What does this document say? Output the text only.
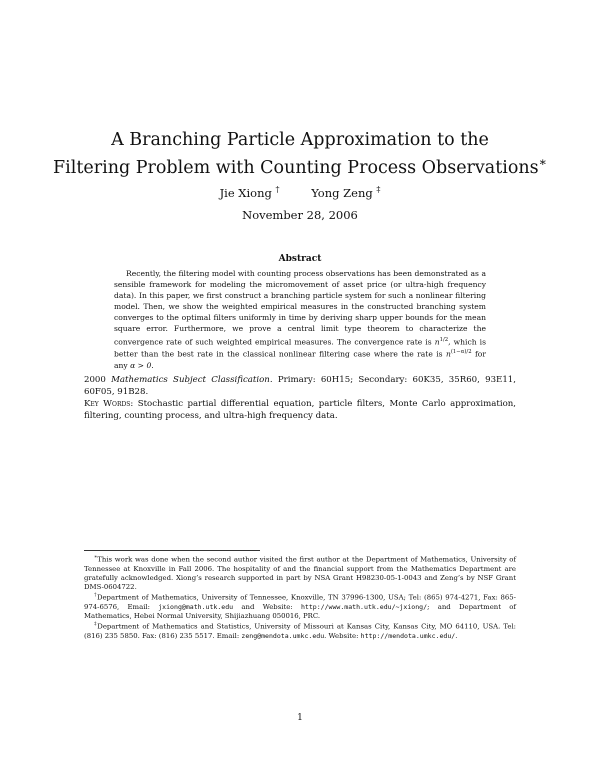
A Branching Particle Approximation to the
Filtering Problem with Counting Process Observations∗
Jie Xiong †	Yong Zeng ‡
November 28, 2006
Abstract

Recently, the filtering model with counting process observations has been demonstrated as a sensible framework for modeling the micromovement of asset price (or ultra-high frequency data). In this paper, we first construct a branching particle system for such a nonlinear filtering model. Then, we show the weighted empirical measures in the constructed branching system converges to the optimal filters uniformly in time by deriving sharp upper bounds for the mean square error. Furthermore, we prove a central limit type theorem to characterize the convergence rate of such weighted empirical measures. The convergence rate is $n^{1/2}$, which is better than the best rate in the classical nonlinear filtering case where the rate is $n^{(1-\alpha)/2}$ for any α > 0.

2000 Mathematics Subject Classification. Primary: 60H15; Secondary: 60K35, 35R60, 93E11, 60F05, 91B28.

Key Words: Stochastic partial differential equation, particle filters, Monte Carlo approximation, filtering, counting process, and ultra-high frequency data.

∗This work was done when the second author visited the first author at the Department of Mathematics, University of Tennessee at Knoxville in Fall 2006. The hospitality of and the financial support from the Mathematics Department are gratefully acknowledged. Xiong’s research supported in part by NSA Grant H98230-05-1-0043 and Zeng’s by NSF Grant DMS-0604722.

†Department of Mathematics, University of Tennessee, Knoxville, TN 37996-1300, USA; Tel: (865) 974-4271, Fax: 865-974-6576, Email: jxiong@math.utk.edu and Website: http://www.math.utk.edu/~jxiong/; and Department of Mathematics, Hebei Normal University, Shijiazhuang 050016, PRC.

‡Department of Mathematics and Statistics, University of Missouri at Kansas City, Kansas City, MO 64110, USA. Tel: (816) 235 5850. Fax: (816) 235 5517. Email: zeng@mendota.umkc.edu. Website: http://mendota.umkc.edu/.

1
